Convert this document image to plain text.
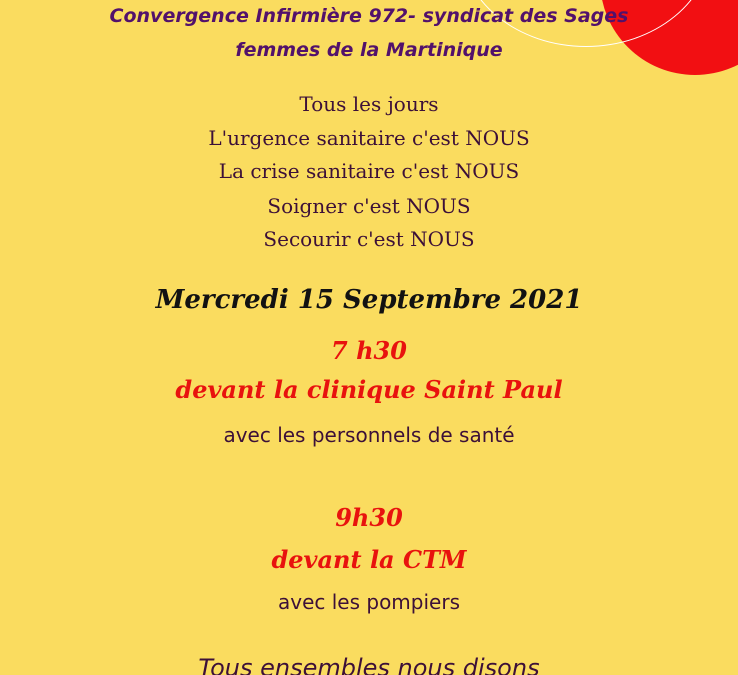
Convergence Infirmière 972- syndicat des Sages
femmes de la Martinique
Tous les jours
L'urgence sanitaire c'est NOUS
La crise sanitaire c'est NOUS
Soigner c'est NOUS
Secourir c'est NOUS
Mercredi 15 Septembre 2021
7 h30
devant la clinique Saint Paul
avec les personnels de santé
9h30
devant la CTM
avec les pompiers
Tous ensembles nous disons
